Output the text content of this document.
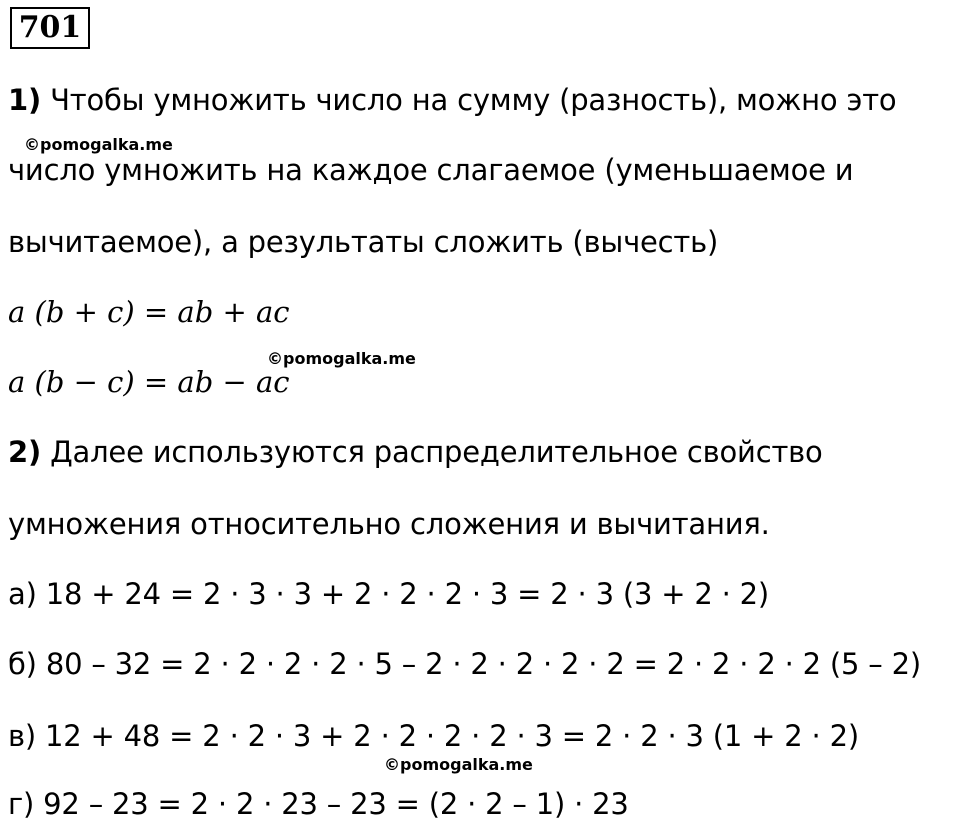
701
1) Чтобы умножить число на сумму (разность), можно это
©pomogalka.me
число умножить на каждое слагаемое (уменьшаемое и
вычитаемое), а результаты сложить (вычесть)
a (b + c) = ab + ac
©pomogalka.me
a (b − c) = ab − ac
2) Далее используются распределительное свойство
умножения относительно сложения и вычитания.
а) 18 + 24 = 2 · 3 · 3 + 2 · 2 · 2 · 3 = 2 · 3 (3 + 2 · 2)
б) 80 – 32 = 2 · 2 · 2 · 2 · 5 – 2 · 2 · 2 · 2 · 2 = 2 · 2 · 2 · 2 (5 – 2)
в) 12 + 48 = 2 · 2 · 3 + 2 · 2 · 2 · 2 · 3 = 2 · 2 · 3 (1 + 2 · 2)
©pomogalka.me
г) 92 – 23 = 2 · 2 · 23 – 23 = (2 · 2 – 1) · 23
